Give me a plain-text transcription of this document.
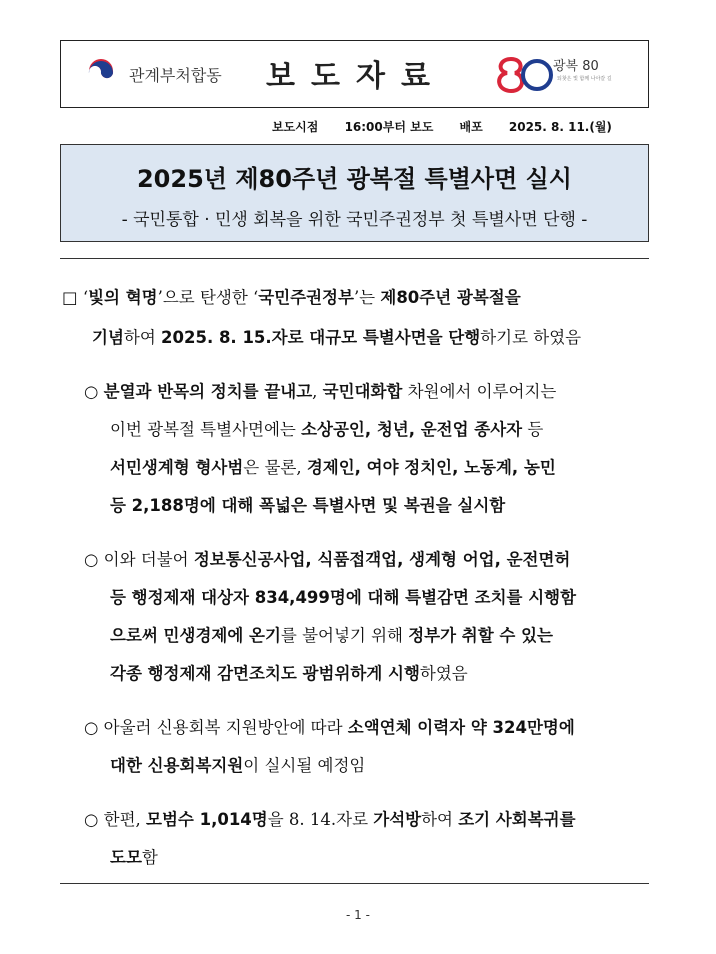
관계부처합동 보도자료	광복 80
되찾은 빛 함께 나아갈 길
보도시점 16:00부터 보도 배포 2025. 8. 11.(월)
2025년 제80주년 광복절 특별사면 실시
- 국민통합 · 민생 회복을 위한 국민주권정부 첫 특별사면 단행 -
□ ‘빛의 혁명’으로 탄생한 ‘국민주권정부’는 제80주년 광복절을
기념하여 2025. 8. 15.자로 대규모 특별사면을 단행하기로 하였음
○ 분열과 반목의 정치를 끝내고, 국민대화합 차원에서 이루어지는
이번 광복절 특별사면에는 소상공인, 청년, 운전업 종사자 등
서민생계형 형사범은 물론, 경제인, 여야 정치인, 노동계, 농민
등 2,188명에 대해 폭넓은 특별사면 및 복권을 실시함
○ 이와 더불어 정보통신공사업, 식품접객업, 생계형 어업, 운전면허
등 행정제재 대상자 834,499명에 대해 특별감면 조치를 시행함
으로써 민생경제에 온기를 불어넣기 위해 정부가 취할 수 있는
각종 행정제재 감면조치도 광범위하게 시행하였음
○ 아울러 신용회복 지원방안에 따라 소액연체 이력자 약 324만명에
대한 신용회복지원이 실시될 예정임
○ 한편, 모범수 1,014명을 8. 14.자로 가석방하여 조기 사회복귀를
도모함
- 1 -
